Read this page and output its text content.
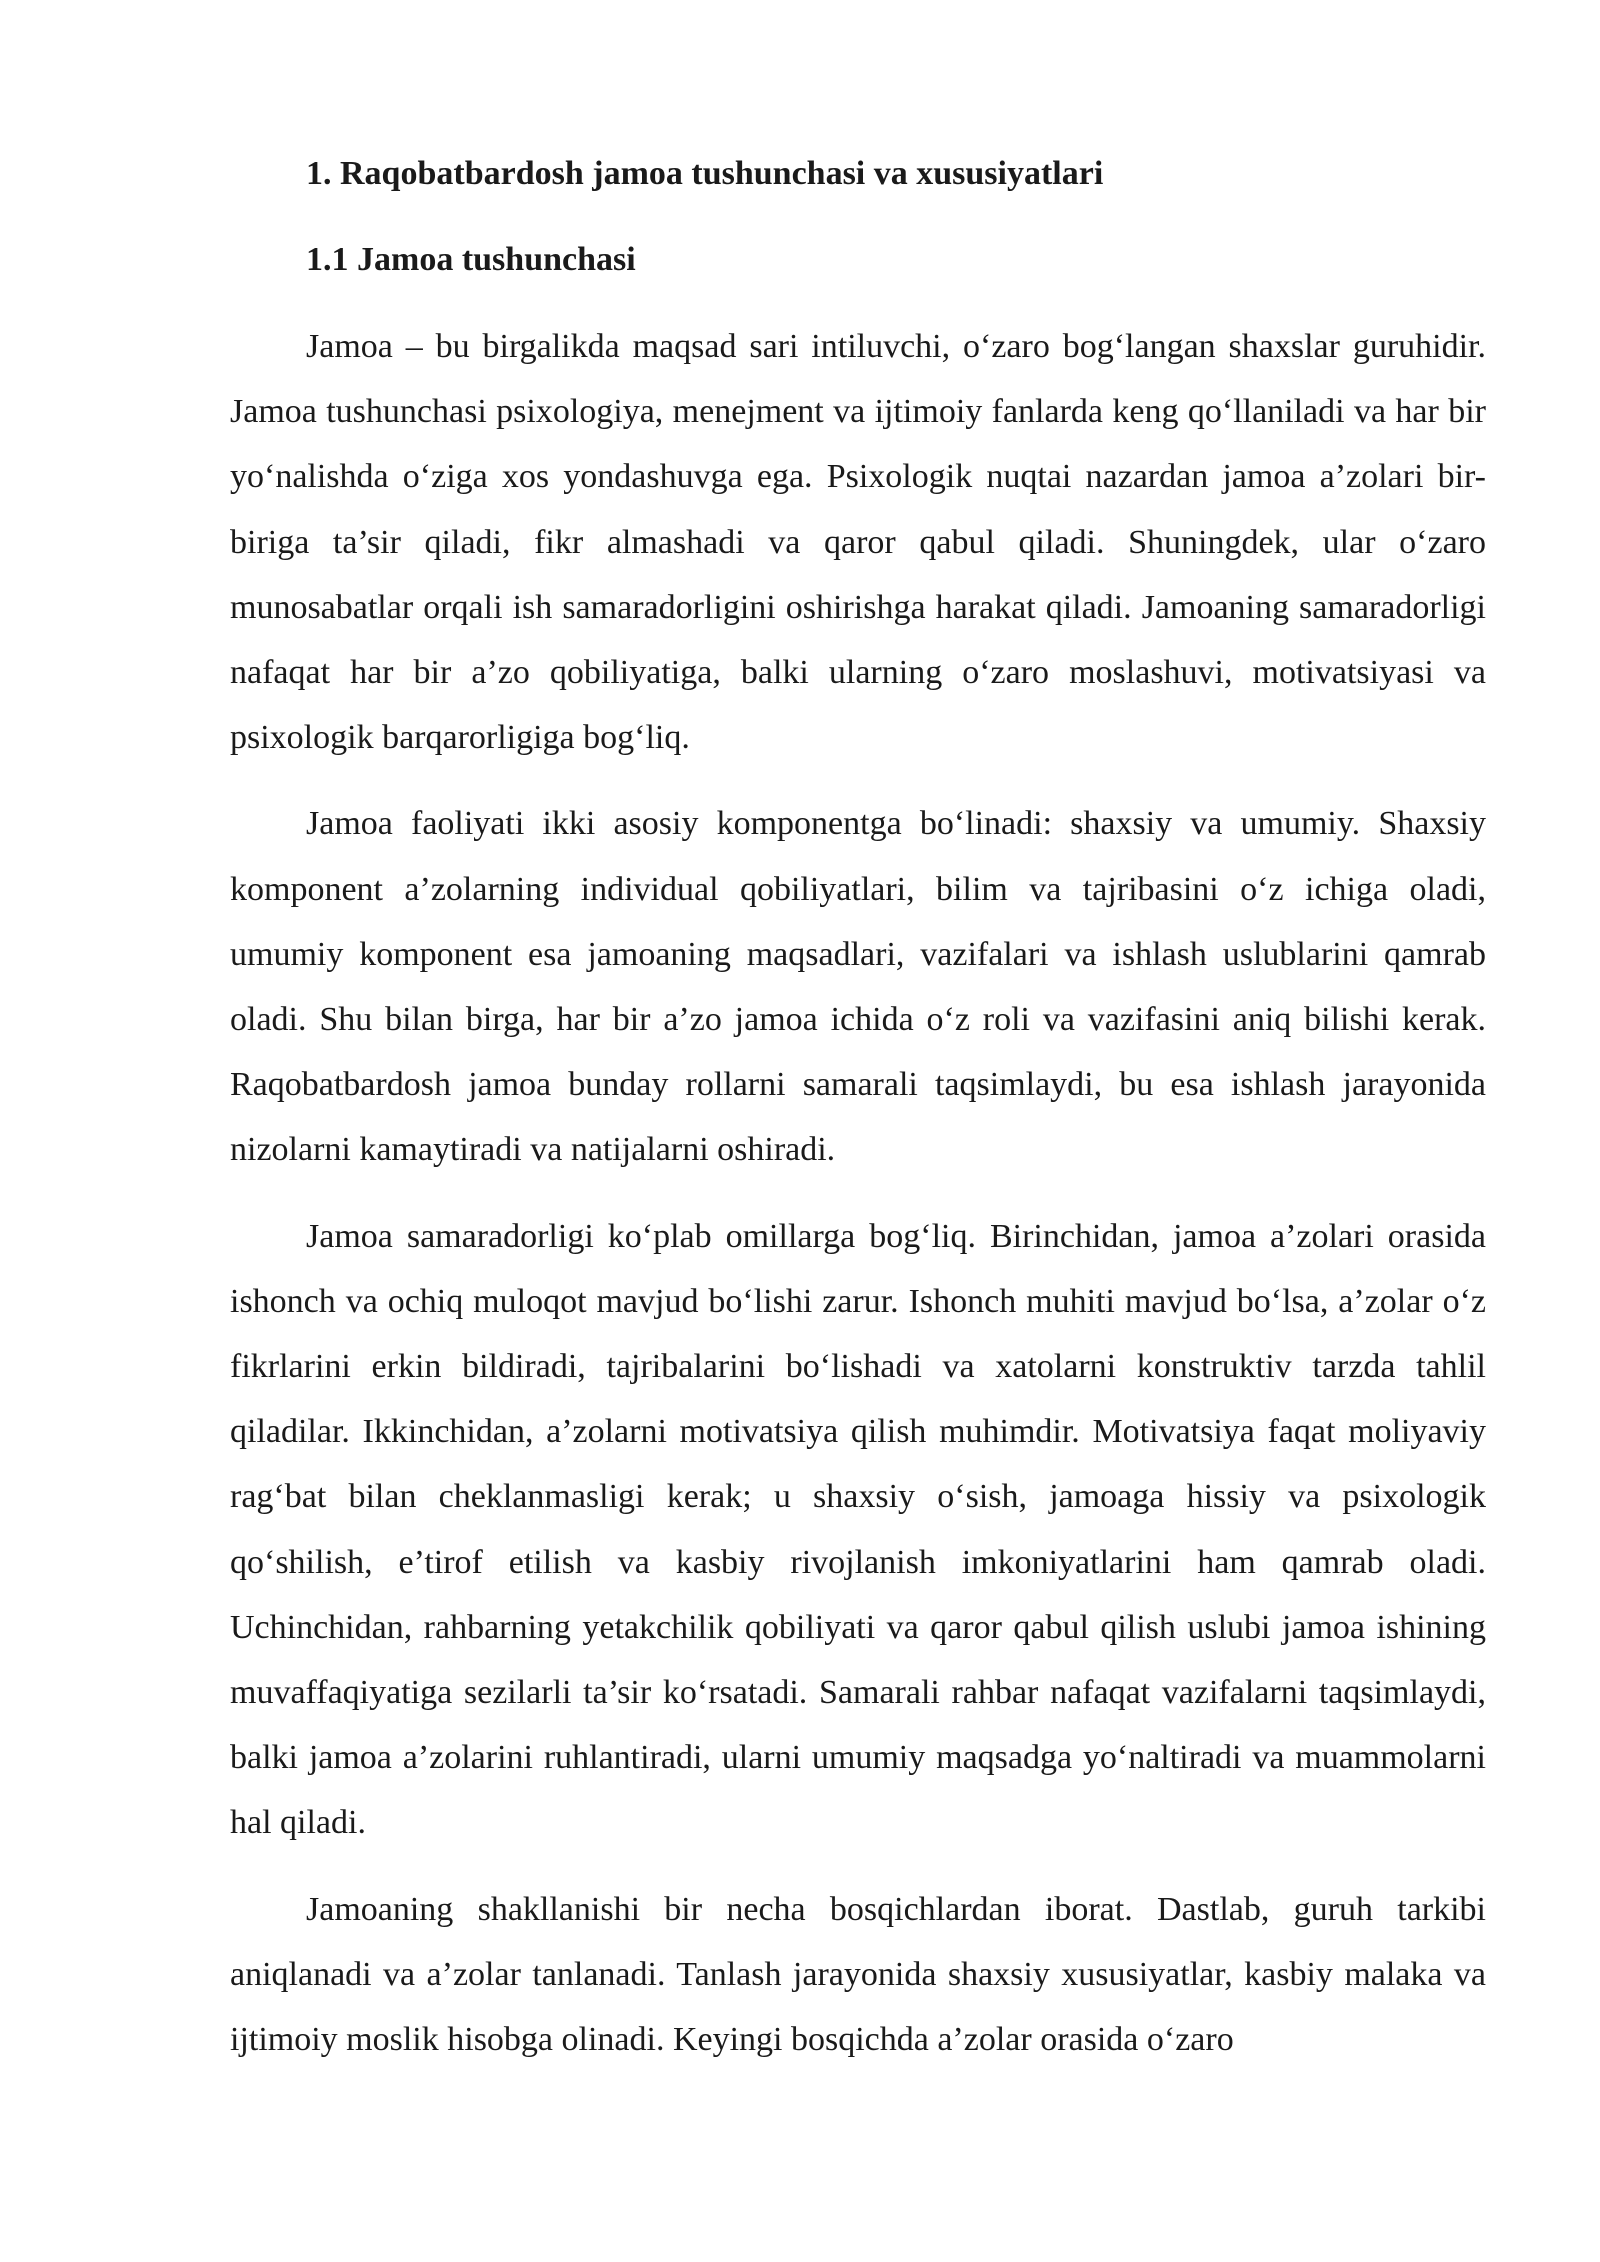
1. Raqobatbardosh jamoa tushunchasi va xususiyatlari
1.1 Jamoa tushunchasi

Jamoa – bu birgalikda maqsad sari intiluvchi, o‘zaro bog‘langan shaxslar guruhidir. Jamoa tushunchasi psixologiya, menejment va ijtimoiy fanlarda keng qo‘llaniladi va har bir yo‘nalishda o‘ziga xos yondashuvga ega. Psixologik nuqtai nazardan jamoa a’zolari bir-biriga ta’sir qiladi, fikr almashadi va qaror qabul qiladi. Shuningdek, ular o‘zaro munosabatlar orqali ish samaradorligini oshirishga harakat qiladi. Jamoaning samaradorligi nafaqat har bir a’zo qobiliyatiga, balki ularning o‘zaro moslashuvi, motivatsiyasi va psixologik barqarorligiga bog‘liq.

Jamoa faoliyati ikki asosiy komponentga bo‘linadi: shaxsiy va umumiy. Shaxsiy komponent a’zolarning individual qobiliyatlari, bilim va tajribasini o‘z ichiga oladi, umumiy komponent esa jamoaning maqsadlari, vazifalari va ishlash uslublarini qamrab oladi. Shu bilan birga, har bir a’zo jamoa ichida o‘z roli va vazifasini aniq bilishi kerak. Raqobatbardosh jamoa bunday rollarni samarali taqsimlaydi, bu esa ishlash jarayonida nizolarni kamaytiradi va natijalarni oshiradi.

Jamoa samaradorligi ko‘plab omillarga bog‘liq. Birinchidan, jamoa a’zolari orasida ishonch va ochiq muloqot mavjud bo‘lishi zarur. Ishonch muhiti mavjud bo‘lsa, a’zolar o‘z fikrlarini erkin bildiradi, tajribalarini bo‘lishadi va xatolarni konstruktiv tarzda tahlil qiladilar. Ikkinchidan, a’zolarni motivatsiya qilish muhimdir. Motivatsiya faqat moliyaviy rag‘bat bilan cheklanmasligi kerak; u shaxsiy o‘sish, jamoaga hissiy va psixologik qo‘shilish, e’tirof etilish va kasbiy rivojlanish imkoniyatlarini ham qamrab oladi. Uchinchidan, rahbarning yetakchilik qobiliyati va qaror qabul qilish uslubi jamoa ishining muvaffaqiyatiga sezilarli ta’sir ko‘rsatadi. Samarali rahbar nafaqat vazifalarni taqsimlaydi, balki jamoa a’zolarini ruhlantiradi, ularni umumiy maqsadga yo‘naltiradi va muammolarni hal qiladi.

Jamoaning shakllanishi bir necha bosqichlardan iborat. Dastlab, guruh tarkibi aniqlanadi va a’zolar tanlanadi. Tanlash jarayonida shaxsiy xususiyatlar, kasbiy malaka va ijtimoiy moslik hisobga olinadi. Keyingi bosqichda a’zolar orasida o‘zaro
